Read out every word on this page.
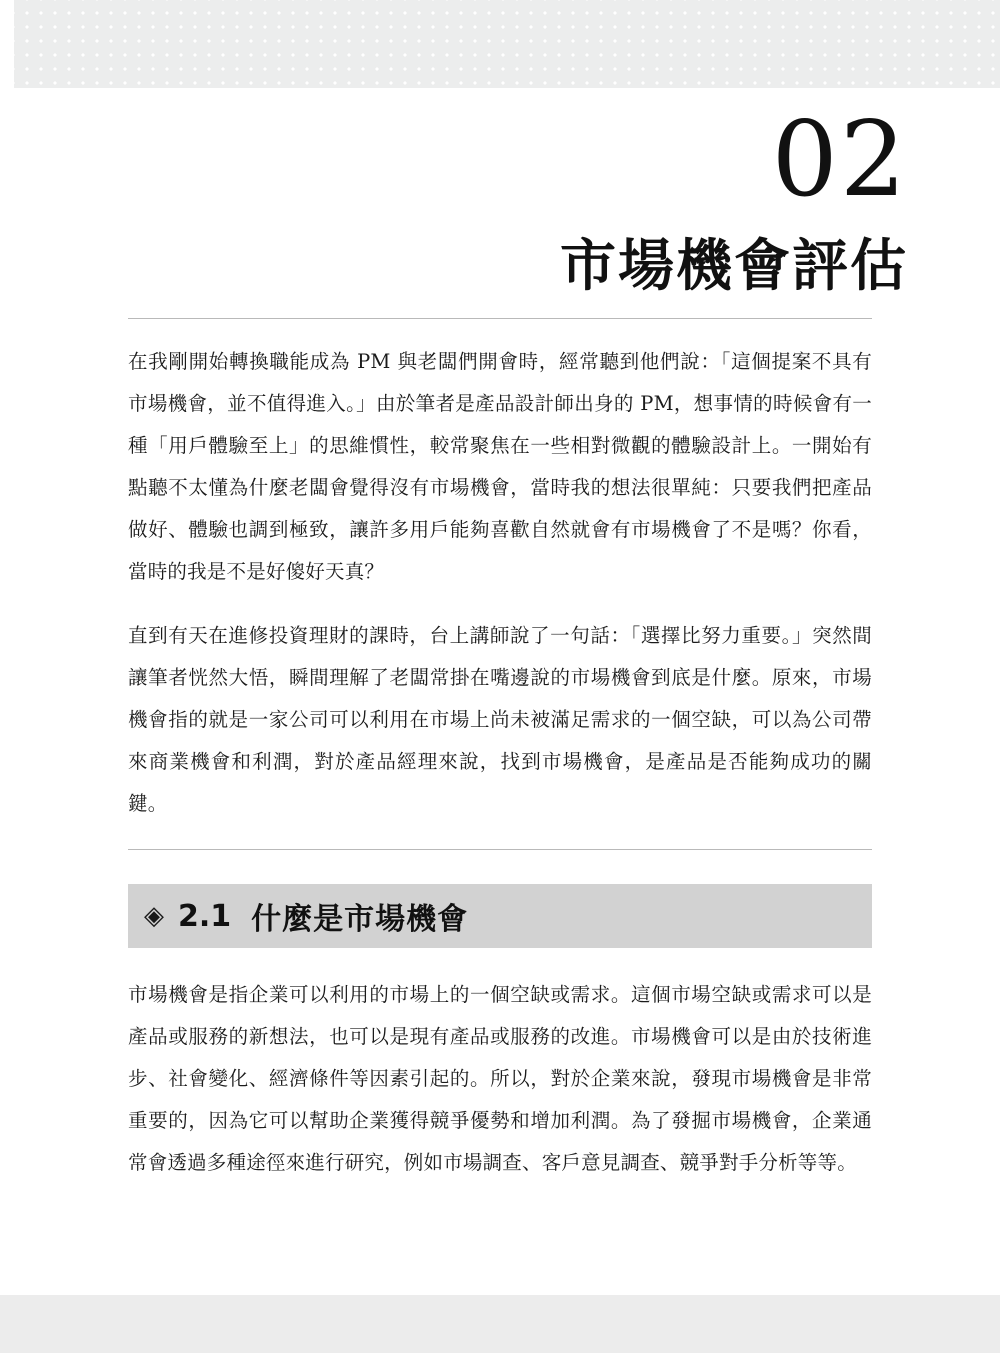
02
市場機會評估

在我剛開始轉換職能成為 PM 與老闆們開會時，經常聽到他們說：「這個提案不具有市場機會，並不值得進入。」由於筆者是產品設計師出身的 PM，想事情的時候會有一種「用戶體驗至上」的思維慣性，較常聚焦在一些相對微觀的體驗設計上。一開始有點聽不太懂為什麼老闆會覺得沒有市場機會，當時我的想法很單純：只要我們把產品做好、體驗也調到極致，讓許多用戶能夠喜歡自然就會有市場機會了不是嗎？你看，當時的我是不是好傻好天真？

直到有天在進修投資理財的課時，台上講師說了一句話：「選擇比努力重要。」突然間讓筆者恍然大悟，瞬間理解了老闆常掛在嘴邊說的市場機會到底是什麼。原來，市場機會指的就是一家公司可以利用在市場上尚未被滿足需求的一個空缺，可以為公司帶來商業機會和利潤，對於產品經理來說，找到市場機會，是產品是否能夠成功的關鍵。

◈ 2.1 什麼是市場機會

市場機會是指企業可以利用的市場上的一個空缺或需求。這個市場空缺或需求可以是產品或服務的新想法，也可以是現有產品或服務的改進。市場機會可以是由於技術進步、社會變化、經濟條件等因素引起的。所以，對於企業來說，發現市場機會是非常重要的，因為它可以幫助企業獲得競爭優勢和增加利潤。為了發掘市場機會，企業通常會透過多種途徑來進行研究，例如市場調查、客戶意見調查、競爭對手分析等等。
